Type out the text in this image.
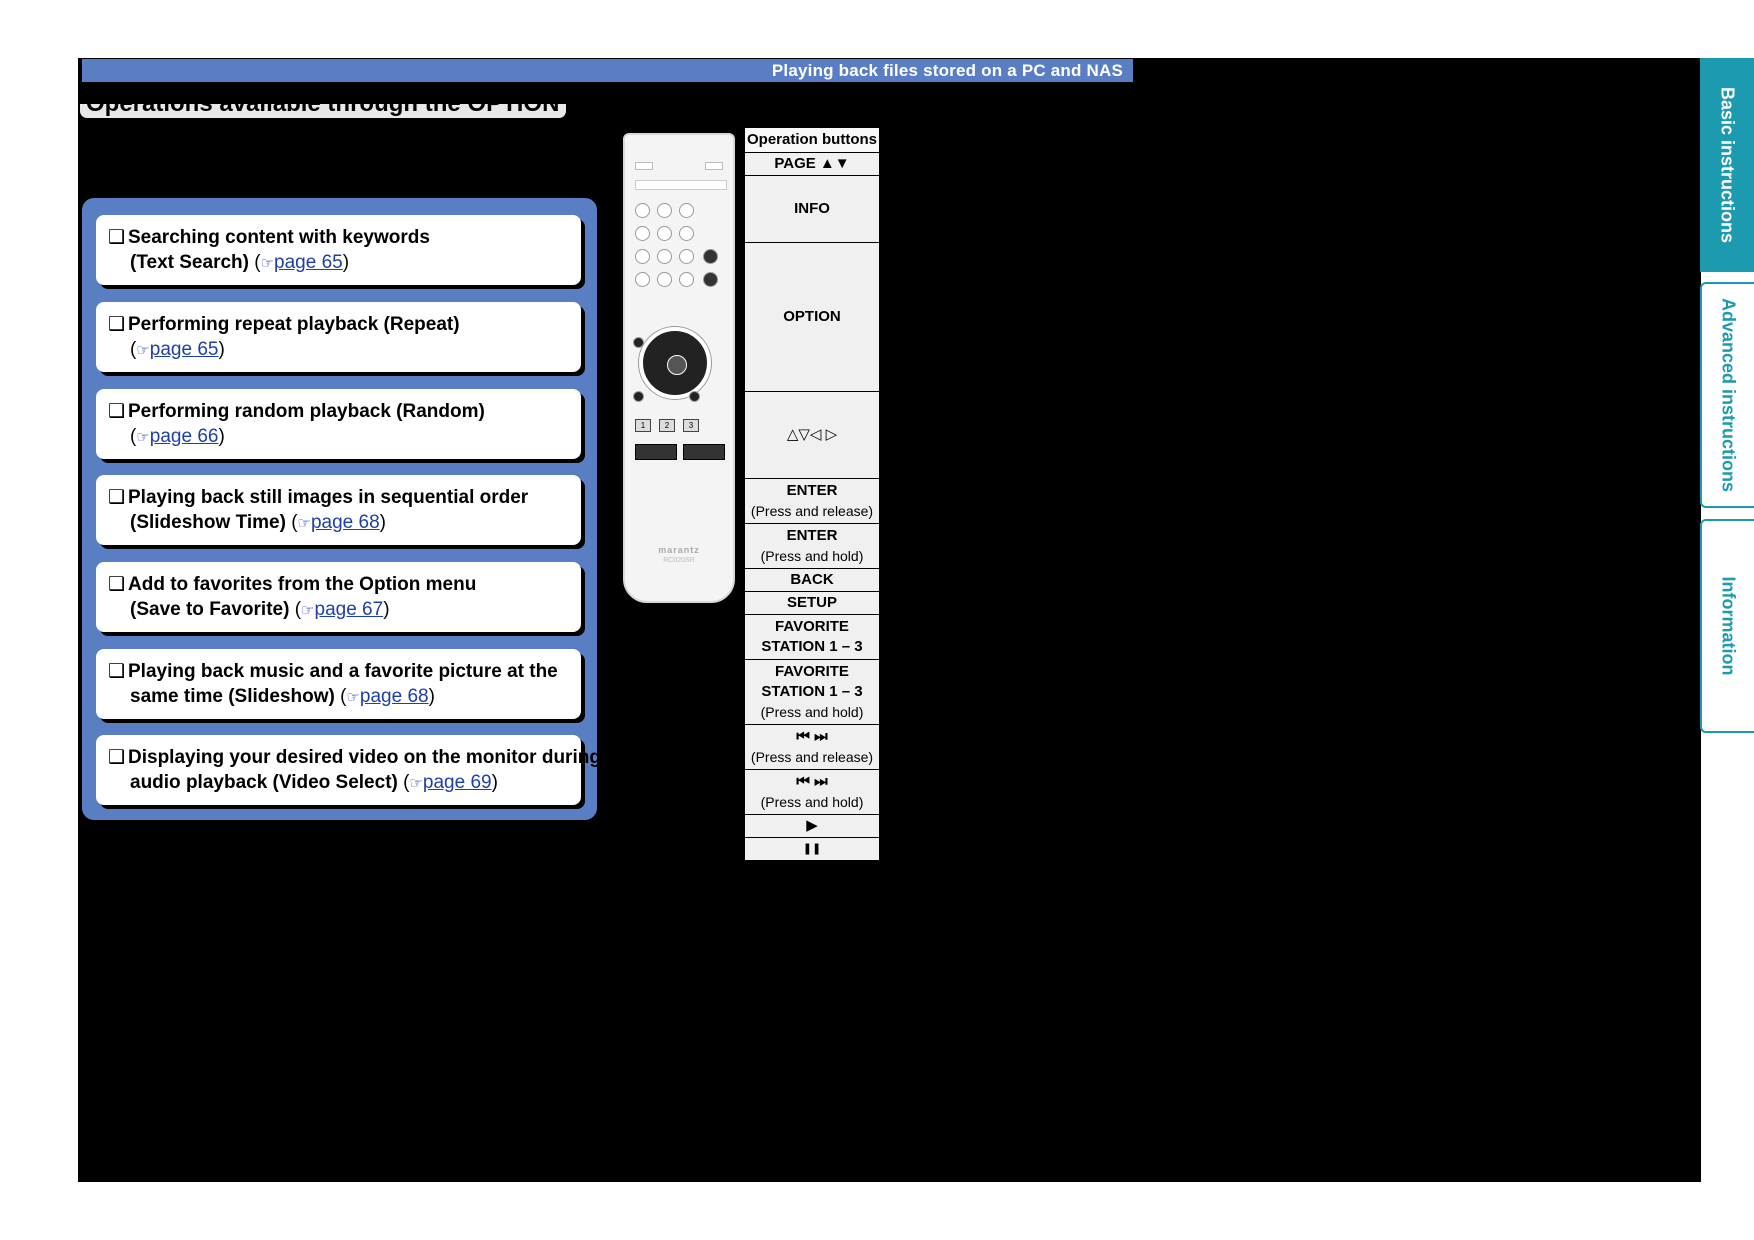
Playing back files stored on a PC and NAS
Operations available through the OPTION button
❑ Searching content with keywords
(Text Search) (☞page 65)
❑ Performing repeat playback (Repeat)
(☞page 65)
❑ Performing random playback (Random)
(☞page 66)
❑ Playing back still images in sequential order
(Slideshow Time) (☞page 68)
❑ Add to favorites from the Option menu
(Save to Favorite) (☞page 67)
❑ Playing back music and a favorite picture at the
same time (Slideshow) (☞page 68)
❑ Displaying your desired video on the monitor during
audio playback (Video Select) (☞page 69)
1	2	3
marantz
RC020SR
Operation buttons
PAGE ▲▼
INFO
OPTION
△▽◁ ▷
ENTER
(Press and release)

ENTER
(Press and hold)

BACK
SETUP
FAVORITE STATION 1 – 3
FAVORITE STATION 1 – 3
(Press and hold)

⏮ ⏭
(Press and release)

⏮ ⏭
(Press and hold)

▶
❚❚
Basic instructions
Advanced instructions
Information
